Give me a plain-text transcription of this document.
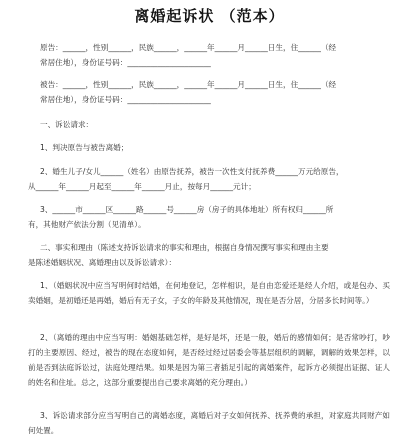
离婚起诉状 （范本）
原告：______，性别______，民族______，______年______月______日生，住______（经
常居住地），身份证号码：______________________
被告：______，性别______，民族______，______年______月______日生，住______（经
常居住地），身份证号码：______________________
一、诉讼请求：
1、判决原告与被告离婚；
2、婚生儿子/女儿______（姓名）由原告抚养，被告一次性支付抚养费______万元给原告，
从______年______月起至______年______月止，按每月______元计；
3、______市______区______路______号______房（房子的具体地址）所有权归______所
有，其他财产依法分割（见清单）。
二、事实和理由（陈述支持诉讼请求的事实和理由，根据自身情况撰写事实和理由主要
是陈述婚姻状况、离婚理由以及诉讼请求）：
1、（婚姻状况中应当写明何时结婚，在何地登记，怎样相识，是自由恋爱还是经人介绍，或是包办、买卖婚姻，是初婚还是再婚，婚后有无子女，子女的年龄及其他情况，现在是否分居，分居多长时间等。）
2、（离婚的理由中应当写明：婚姻基础怎样，是好是坏，还是一般，婚后的感情如何；是否常吵打，吵打的主要原因、经过，被告的现在态度如何，是否经过经过居委会等基层组织的调解，调解的效果怎样，以前是否到法庭诉讼过，法庭处理结果。如果是因为第三者插足引起的离婚案件，起诉方必须提出证据、证人的姓名和住址。总之，这部分重要提出自己要求离婚的充分理由。）
3、诉讼请求部分应当写明自己的离婚态度，离婚后对子女如何抚养、抚养费的承担，对家庭共同财产如何处置。
